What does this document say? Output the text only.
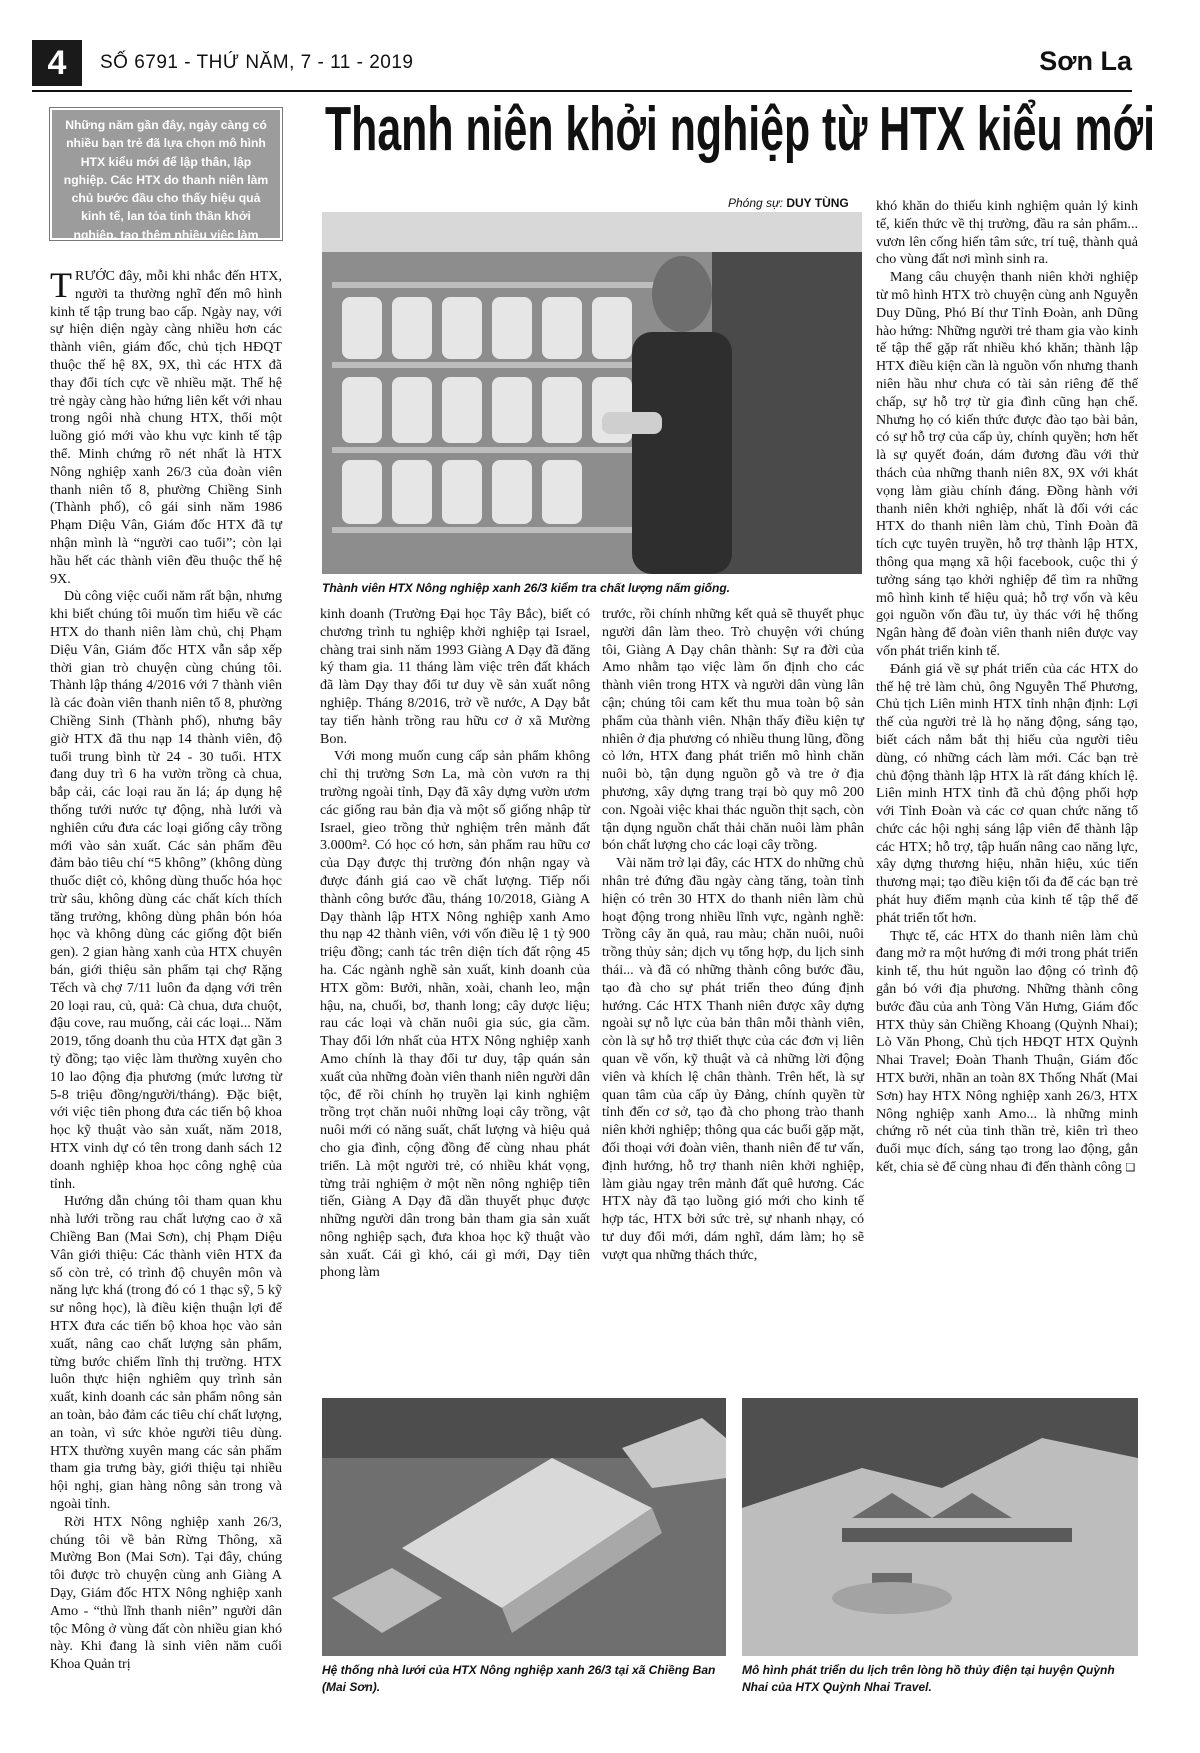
4	SỐ 6791 - THỨ NĂM, 7 - 11 - 2019	Sơn La
Những năm gần đây, ngày càng có nhiều bạn trẻ đã lựa chọn mô hình HTX kiểu mới để lập thân, lập nghiệp. Các HTX do thanh niên làm chủ bước đầu cho thấy hiệu quả kinh tế, lan tỏa tinh thần khởi nghiệp, tạo thêm nhiều việc làm cho thanh niên địa phương.
Thanh niên khởi nghiệp từ HTX kiểu mới
Phóng sự: DUY TÙNG
Thành viên HTX Nông nghiệp xanh 26/3 kiểm tra chất lượng nấm giống.

TRƯỚC đây, mỗi khi nhắc đến HTX, người ta thường nghĩ đến mô hình kinh tế tập trung bao cấp. Ngày nay, với sự hiện diện ngày càng nhiều hơn các thành viên, giám đốc, chủ tịch HĐQT thuộc thế hệ 8X, 9X, thì các HTX đã thay đổi tích cực về nhiều mặt. Thế hệ trẻ ngày càng hào hứng liên kết với nhau trong ngôi nhà chung HTX, thổi một luồng gió mới vào khu vực kinh tế tập thể. Minh chứng rõ nét nhất là HTX Nông nghiệp xanh 26/3 của đoàn viên thanh niên tổ 8, phường Chiềng Sinh (Thành phố), cô gái sinh năm 1986 Phạm Diệu Vân, Giám đốc HTX đã tự nhận mình là “người cao tuổi”; còn lại hầu hết các thành viên đều thuộc thế hệ 9X.

Dù công việc cuối năm rất bận, nhưng khi biết chúng tôi muốn tìm hiểu về các HTX do thanh niên làm chủ, chị Phạm Diệu Vân, Giám đốc HTX vẫn sắp xếp thời gian trò chuyện cùng chúng tôi. Thành lập tháng 4/2016 với 7 thành viên là các đoàn viên thanh niên tổ 8, phường Chiềng Sinh (Thành phố), nhưng bây giờ HTX đã thu nạp 14 thành viên, độ tuổi trung bình từ 24 - 30 tuổi. HTX đang duy trì 6 ha vườn trồng cà chua, bắp cải, các loại rau ăn lá; áp dụng hệ thống tưới nước tự động, nhà lưới và nghiên cứu đưa các loại giống cây trồng mới vào sản xuất. Các sản phẩm đều đảm bảo tiêu chí “5 không” (không dùng thuốc diệt cỏ, không dùng thuốc hóa học trừ sâu, không dùng các chất kích thích tăng trưởng, không dùng phân bón hóa học và không dùng các giống đột biến gen). 2 gian hàng xanh của HTX chuyên bán, giới thiệu sản phẩm tại chợ Rặng Tếch và chợ 7/11 luôn đa dạng với trên 20 loại rau, củ, quả: Cà chua, dưa chuột, đậu cove, rau muống, cải các loại... Năm 2019, tổng doanh thu của HTX đạt gần 3 tỷ đồng; tạo việc làm thường xuyên cho 10 lao động địa phương (mức lương từ 5-8 triệu đồng/người/tháng). Đặc biệt, với việc tiên phong đưa các tiến bộ khoa học kỹ thuật vào sản xuất, năm 2018, HTX vinh dự có tên trong danh sách 12 doanh nghiệp khoa học công nghệ của tỉnh.

Hướng dẫn chúng tôi tham quan khu nhà lưới trồng rau chất lượng cao ở xã Chiềng Ban (Mai Sơn), chị Phạm Diệu Vân giới thiệu: Các thành viên HTX đa số còn trẻ, có trình độ chuyên môn và năng lực khá (trong đó có 1 thạc sỹ, 5 kỹ sư nông học), là điều kiện thuận lợi để HTX đưa các tiến bộ khoa học vào sản xuất, nâng cao chất lượng sản phẩm, từng bước chiếm lĩnh thị trường. HTX luôn thực hiện nghiêm quy trình sản xuất, kinh doanh các sản phẩm nông sản an toàn, bảo đảm các tiêu chí chất lượng, an toàn, vì sức khỏe người tiêu dùng. HTX thường xuyên mang các sản phẩm tham gia trưng bày, giới thiệu tại nhiều hội nghị, gian hàng nông sản trong và ngoài tỉnh.

Rời HTX Nông nghiệp xanh 26/3, chúng tôi về bản Rừng Thông, xã Mường Bon (Mai Sơn). Tại đây, chúng tôi được trò chuyện cùng anh Giàng A Dạy, Giám đốc HTX Nông nghiệp xanh Amo - “thủ lĩnh thanh niên” người dân tộc Mông ở vùng đất còn nhiều gian khó này. Khi đang là sinh viên năm cuối Khoa Quản trị

kinh doanh (Trường Đại học Tây Bắc), biết có chương trình tu nghiệp khởi nghiệp tại Israel, chàng trai sinh năm 1993 Giàng A Dạy đã đăng ký tham gia. 11 tháng làm việc trên đất khách đã làm Dạy thay đổi tư duy về sản xuất nông nghiệp. Tháng 8/2016, trở về nước, A Dạy bắt tay tiến hành trồng rau hữu cơ ở xã Mường Bon.

Với mong muốn cung cấp sản phẩm không chỉ thị trường Sơn La, mà còn vươn ra thị trường ngoài tỉnh, Dạy đã xây dựng vườn ươm các giống rau bản địa và một số giống nhập từ Israel, gieo trồng thử nghiệm trên mảnh đất 3.000m². Có học có hơn, sản phẩm rau hữu cơ của Dạy được thị trường đón nhận ngay và được đánh giá cao về chất lượng. Tiếp nối thành công bước đầu, tháng 10/2018, Giàng A Dạy thành lập HTX Nông nghiệp xanh Amo thu nạp 42 thành viên, với vốn điều lệ 1 tỷ 900 triệu đồng; canh tác trên diện tích đất rộng 45 ha. Các ngành nghề sản xuất, kinh doanh của HTX gồm: Bưởi, nhãn, xoài, chanh leo, mận hậu, na, chuối, bơ, thanh long; cây dược liệu; rau các loại và chăn nuôi gia súc, gia cầm. Thay đổi lớn nhất của HTX Nông nghiệp xanh Amo chính là thay đổi tư duy, tập quán sản xuất của những đoàn viên thanh niên người dân tộc, để rồi chính họ truyền lại kinh nghiệm trồng trọt chăn nuôi những loại cây trồng, vật nuôi mới có năng suất, chất lượng và hiệu quả cho gia đình, cộng đồng để cùng nhau phát triển. Là một người trẻ, có nhiều khát vọng, từng trải nghiệm ở một nền nông nghiệp tiên tiến, Giàng A Dạy đã dần thuyết phục được những người dân trong bản tham gia sản xuất nông nghiệp sạch, đưa khoa học kỹ thuật vào sản xuất. Cái gì khó, cái gì mới, Dạy tiên phong làm

trước, rồi chính những kết quả sẽ thuyết phục người dân làm theo. Trò chuyện với chúng tôi, Giàng A Dạy chân thành: Sự ra đời của Amo nhằm tạo việc làm ổn định cho các thành viên trong HTX và người dân vùng lân cận; chúng tôi cam kết thu mua toàn bộ sản phẩm của thành viên. Nhận thấy điều kiện tự nhiên ở địa phương có nhiều thung lũng, đồng cỏ lớn, HTX đang phát triển mô hình chăn nuôi bò, tận dụng nguồn gỗ và tre ở địa phương, xây dựng trang trại bò quy mô 200 con. Ngoài việc khai thác nguồn thịt sạch, còn tận dụng nguồn chất thải chăn nuôi làm phân bón chất lượng cho các loại cây trồng.

Vài năm trở lại đây, các HTX do những chủ nhân trẻ đứng đầu ngày càng tăng, toàn tỉnh hiện có trên 30 HTX do thanh niên làm chủ hoạt động trong nhiều lĩnh vực, ngành nghề: Trồng cây ăn quả, rau màu; chăn nuôi, nuôi trồng thủy sản; dịch vụ tổng hợp, du lịch sinh thái... và đã có những thành công bước đầu, tạo đà cho sự phát triển theo đúng định hướng. Các HTX Thanh niên được xây dựng ngoài sự nỗ lực của bản thân mỗi thành viên, còn là sự hỗ trợ thiết thực của các đơn vị liên quan về vốn, kỹ thuật và cả những lời động viên và khích lệ chân thành. Trên hết, là sự quan tâm của cấp ủy Đảng, chính quyền từ tỉnh đến cơ sở, tạo đà cho phong trào thanh niên khởi nghiệp; thông qua các buổi gặp mặt, đối thoại với đoàn viên, thanh niên để tư vấn, định hướng, hỗ trợ thanh niên khởi nghiệp, làm giàu ngay trên mảnh đất quê hương. Các HTX này đã tạo luồng gió mới cho kinh tế hợp tác, HTX bởi sức trẻ, sự nhanh nhạy, có tư duy đổi mới, dám nghĩ, dám làm; họ sẽ vượt qua những thách thức,

khó khăn do thiếu kinh nghiệm quản lý kinh tế, kiến thức về thị trường, đầu ra sản phẩm... vươn lên cống hiến tâm sức, trí tuệ, thành quả cho vùng đất nơi mình sinh ra.

Mang câu chuyện thanh niên khởi nghiệp từ mô hình HTX trò chuyện cùng anh Nguyễn Duy Dũng, Phó Bí thư Tỉnh Đoàn, anh Dũng hào hứng: Những người trẻ tham gia vào kinh tế tập thể gặp rất nhiều khó khăn; thành lập HTX điều kiện cần là nguồn vốn nhưng thanh niên hầu như chưa có tài sản riêng để thế chấp, sự hỗ trợ từ gia đình cũng hạn chế. Nhưng họ có kiến thức được đào tạo bài bản, có sự hỗ trợ của cấp ủy, chính quyền; hơn hết là sự quyết đoán, dám đương đầu với thử thách của những thanh niên 8X, 9X với khát vọng làm giàu chính đáng. Đồng hành với thanh niên khởi nghiệp, nhất là đối với các HTX do thanh niên làm chủ, Tỉnh Đoàn đã tích cực tuyên truyền, hỗ trợ thành lập HTX, thông qua mạng xã hội facebook, cuộc thi ý tưởng sáng tạo khởi nghiệp để tìm ra những mô hình kinh tế hiệu quả; hỗ trợ vốn và kêu gọi nguồn vốn đầu tư, ủy thác với hệ thống Ngân hàng để đoàn viên thanh niên được vay vốn phát triển kinh tế.

Đánh giá về sự phát triển của các HTX do thế hệ trẻ làm chủ, ông Nguyễn Thế Phương, Chủ tịch Liên minh HTX tỉnh nhận định: Lợi thế của người trẻ là họ năng động, sáng tạo, biết cách nắm bắt thị hiếu của người tiêu dùng, có những cách làm mới. Các bạn trẻ chủ động thành lập HTX là rất đáng khích lệ. Liên minh HTX tỉnh đã chủ động phối hợp với Tỉnh Đoàn và các cơ quan chức năng tổ chức các hội nghị sáng lập viên để thành lập các HTX; hỗ trợ, tập huấn nâng cao năng lực, xây dựng thương hiệu, nhãn hiệu, xúc tiến thương mại; tạo điều kiện tối đa để các bạn trẻ phát huy điểm mạnh của kinh tế tập thể để phát triển tốt hơn.

Thực tế, các HTX do thanh niên làm chủ đang mở ra một hướng đi mới trong phát triển kinh tế, thu hút nguồn lao động có trình độ gắn bó với địa phương. Những thành công bước đầu của anh Tòng Văn Hưng, Giám đốc HTX thủy sản Chiềng Khoang (Quỳnh Nhai); Lò Văn Phong, Chủ tịch HĐQT HTX Quỳnh Nhai Travel; Đoàn Thanh Thuận, Giám đốc HTX bưởi, nhãn an toàn 8X Thống Nhất (Mai Sơn) hay HTX Nông nghiệp xanh 26/3, HTX Nông nghiệp xanh Amo... là những minh chứng rõ nét của tinh thần trẻ, kiên trì theo đuổi mục đích, sáng tạo trong lao động, gắn kết, chia sẻ để cùng nhau đi đến thành công ❑

Hệ thống nhà lưới của HTX Nông nghiệp xanh 26/3 tại xã Chiềng Ban (Mai Sơn).
Mô hình phát triển du lịch trên lòng hồ thủy điện tại huyện Quỳnh Nhai của HTX Quỳnh Nhai Travel.
